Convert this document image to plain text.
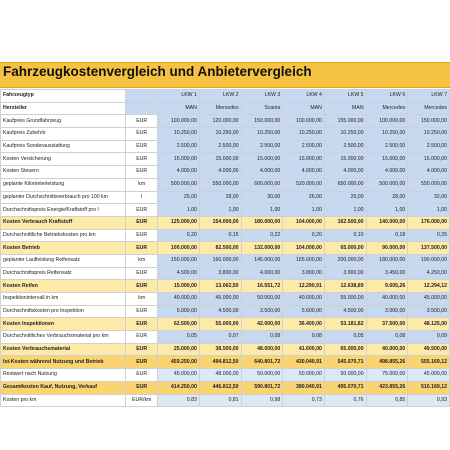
Fahrzeugkostenvergleich und Anbietervergleich
Fahrzeugtyp		LKW 1	LKW 2	LKW 3	LKW 4	LKW 5	LKW 6	LKW 7
Hersteller		MAN	Mercedes	Scania	MAN	MAN	Mercedes	Mercedes
Kaufpreis Grundfahrzeug	EUR	100.000,00	120.000,00	150.000,00	100.000,00	155.000,00	100.000,00	150.000,00
Kaufpreis Zubehör	EUR	10.250,00	10.250,00	10.250,00	10.250,00	10.250,00	10.250,00	10.250,00
Kaufpreis Sonderausstattung	EUR	2.500,00	2.500,00	2.500,00	2.500,00	2.500,00	2.500,00	2.500,00
Kosten Versicherung	EUR	15.000,00	15.000,00	15.000,00	15.000,00	15.000,00	15.000,00	15.000,00
Kosten Steuern	EUR	4.000,00	4.000,00	4.000,00	4.000,00	4.000,00	4.000,00	4.000,00
geplante Kilometerleistung	km	500.000,00	550.000,00	600.000,00	520.000,00	650.000,00	500.000,00	550.000,00
geplanter Durchschnittsverbrauch pro 100 km	l	25,00	28,00	30,00	26,00	25,00	28,00	32,00
Durchschnittspreis Energie/Kraftstoff pro l	EUR	1,00	1,00	1,00	1,00	1,00	1,00	1,00
Kosten Verbrauch Kraftstoff	EUR	125.000,00	154.000,00	180.000,00	104.000,00	162.500,00	140.000,00	176.000,00
Durchschnittliche Betriebskosten pro km	EUR	0,20	0,15	0,22	0,20	0,10	0,18	0,25
Kosten Betrieb	EUR	100.000,00	82.500,00	132.000,00	104.000,00	65.000,00	90.000,00	137.500,00
geplanter Laufleistung Reifensatz	km	150.000,00	160.000,00	145.000,00	165.000,00	200.000,00	180.000,00	190.000,00
Durchschnittspreis Reifensatz	EUR	4.500,00	3.800,00	4.000,00	3.800,00	3.900,00	3.450,00	4.250,00
Kosten Reifen	EUR	15.000,00	13.062,50	16.551,72	12.290,91	12.638,89	9.605,26	12.294,12
Inspektionintervall in km	km	40.000,00	45.000,00	50.000,00	40.000,00	55.000,00	40.000,00	45.000,00
Durchschnittskosten pro Inspektion	EUR	5.000,00	4.500,00	3.500,00	5.600,00	4.500,00	3.000,00	3.500,00
Kosten Inspektionen	EUR	62.500,00	55.000,00	42.000,00	36.400,00	53.181,82	37.500,00	48.125,00
Durchschnittliches Verbrauchsmaterial pro km	EUR	0,05	0,07	0,08	0,08	0,05	0,08	0,09
Kosten Verbrauchsmaterial	EUR	25.000,00	38.500,00	48.000,00	41.600,00	65.000,00	40.000,00	49.500,00
Ist-Kosten während Nutzung und Betrieb	EUR	459.250,00	494.812,50	640.801,72	430.040,91	545.070,71	498.855,26	555.169,12
Restwert nach Nutzung	EUR	45.000,00	48.000,00	50.000,00	50.000,00	50.000,00	75.000,00	45.000,00
Gesamtkosten Kauf, Nutzung, Verkauf	EUR	414.250,00	446.812,50	590.801,72	380.040,91	495.070,71	423.855,26	510.169,12
Kosten pro km	EUR/km	0,83	0,81	0,98	0,73	0,76	0,85	0,93
